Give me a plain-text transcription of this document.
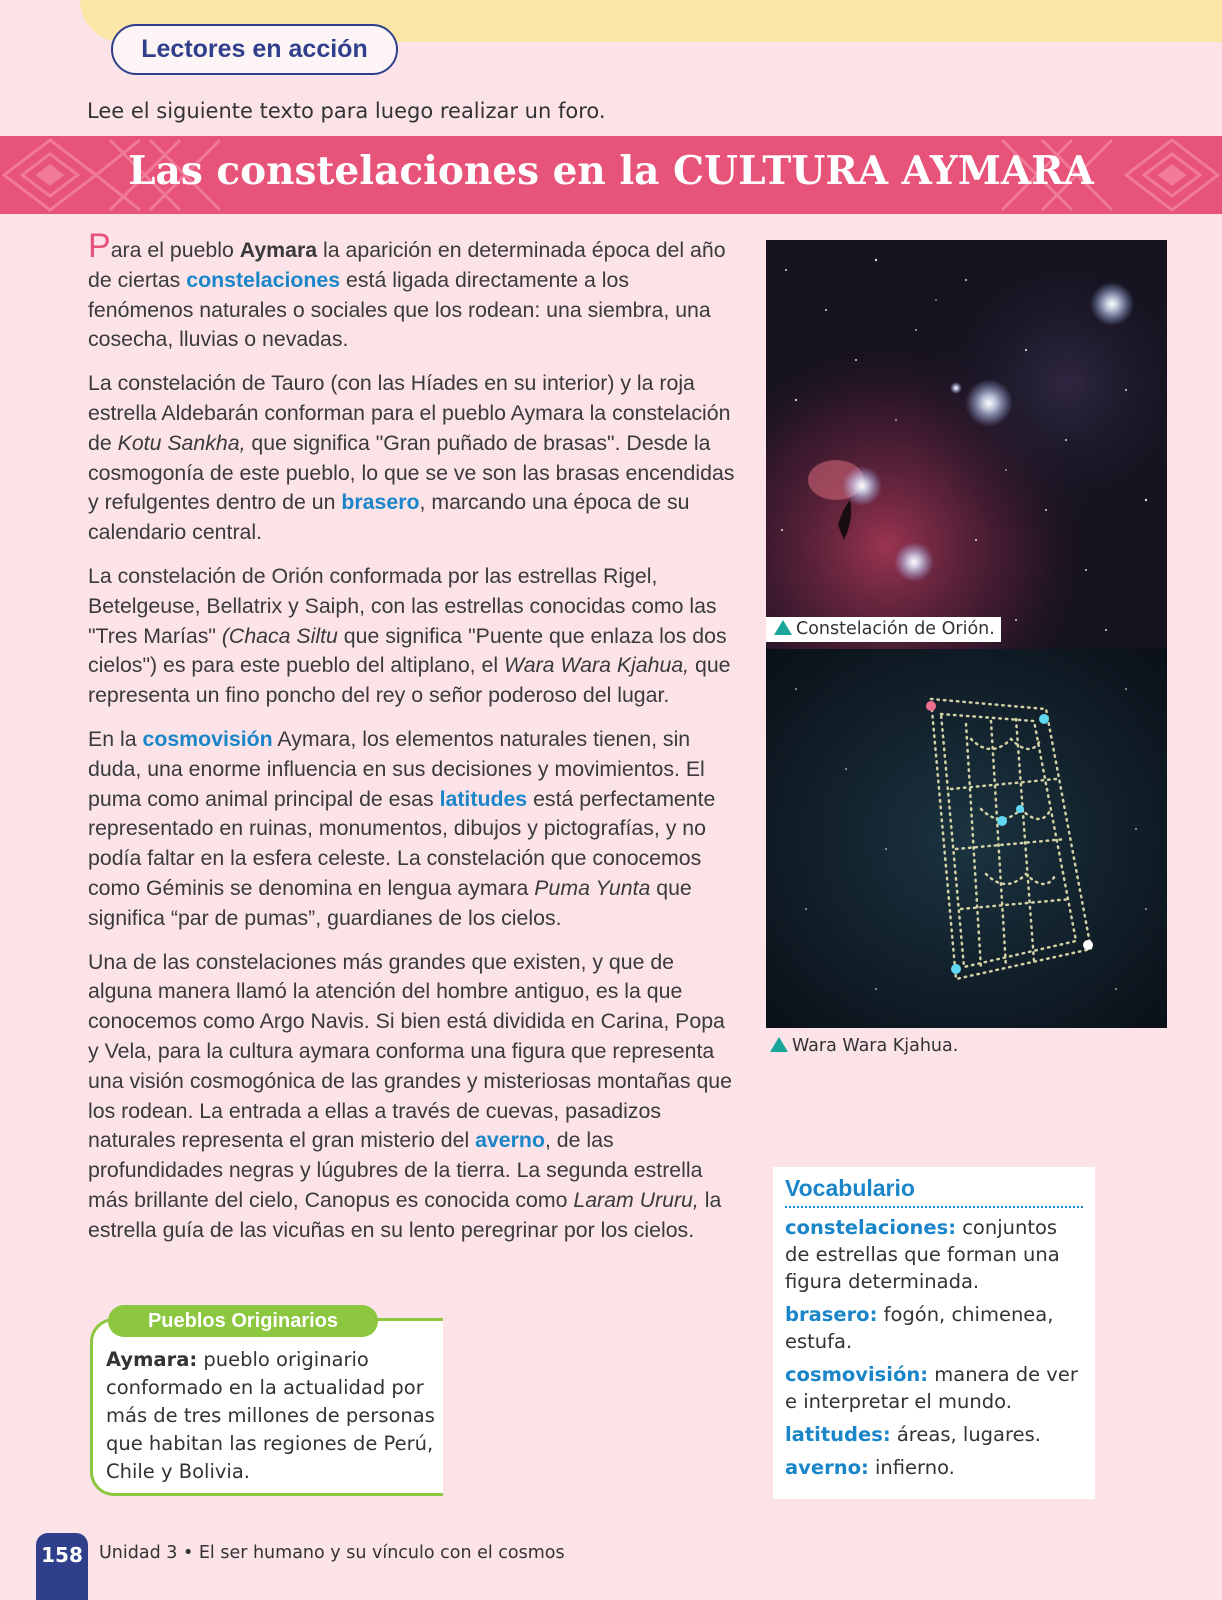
Lectores en acción
Lee el siguiente texto para luego realizar un foro.
Las constelaciones en la CULTURA AYMARA

Para el pueblo Aymara la aparición en determinada época del año de ciertas constelaciones está ligada directamente a los fenómenos naturales o sociales que los rodean: una siembra, una cosecha, lluvias o nevadas.

La constelación de Tauro (con las Híades en su interior) y la roja estrella Aldebarán conforman para el pueblo Aymara la constelación de Kotu Sankha, que significa "Gran puñado de brasas". Desde la cosmogonía de este pueblo, lo que se ve son las brasas encendidas y refulgentes dentro de un brasero, marcando una época de su calendario central.

La constelación de Orión conformada por las estrellas Rigel, Betelgeuse, Bellatrix y Saiph, con las estrellas conocidas como las "Tres Marías" (Chaca Siltu que significa "Puente que enlaza los dos cielos") es para este pueblo del altiplano, el Wara Wara Kjahua, que representa un fino poncho del rey o señor poderoso del lugar.

En la cosmovisión Aymara, los elementos naturales tienen, sin duda, una enorme influencia en sus decisiones y movimientos. El puma como animal principal de esas latitudes está perfectamente representado en ruinas, monumentos, dibujos y pictografías, y no podía faltar en la esfera celeste. La constelación que conocemos como Géminis se denomina en lengua aymara Puma Yunta que significa “par de pumas”, guardianes de los cielos.

Una de las constelaciones más grandes que existen, y que de alguna manera llamó la atención del hombre antiguo, es la que conocemos como Argo Navis. Si bien está dividida en Carina, Popa y Vela, para la cultura aymara conforma una figura que representa una visión cosmogónica de las grandes y misteriosas montañas que los rodean. La entrada a ellas a través de cuevas, pasadizos naturales representa el gran misterio del averno, de las profundidades negras y lúgubres de la tierra. La segunda estrella más brillante del cielo, Canopus es conocida como Laram Ururu, la estrella guía de las vicuñas en su lento peregrinar por los cielos.

Constelación de Orión.
Wara Wara Kjahua.
Pueblos Originarios
Aymara: pueblo originario conformado en la actualidad por más de tres millones de personas que habitan las regiones de Perú, Chile y Bolivia.
Vocabulario
constelaciones: conjuntos de estrellas que forman una figura determinada.
brasero: fogón, chimenea, estufa.
cosmovisión: manera de ver e interpretar el mundo.
latitudes: áreas, lugares.
averno: infierno.
158 Unidad 3 • El ser humano y su vínculo con el cosmos
